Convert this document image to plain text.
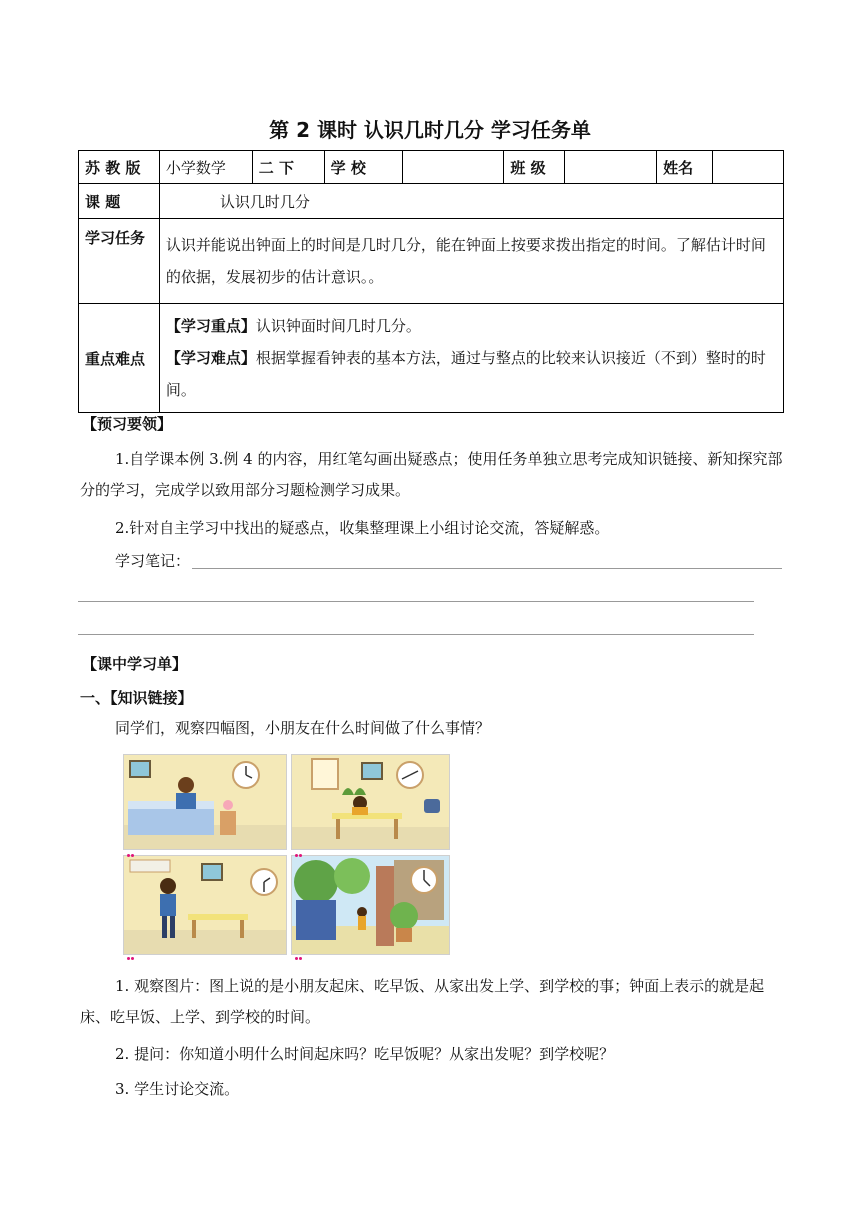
第 2 课时 认识几时几分 学习任务单
苏 教 版	小学数学	二 下	学 校		班 级		姓名	
课 题	认识几时几分							
学习任务	认识并能说出钟面上的时间是几时几分，能在钟面上按要求拨出指定的时间。了解估计时间的依据，发展初步的估计意识。。							
重点难点	【学习重点】认识钟面时间几时几分。
【学习难点】根据掌握看钟表的基本方法，通过与整点的比较来认识接近（不到）整时的时间。							
【预习要领】
1.自学课本例 3.例 4 的内容，用红笔勾画出疑惑点；使用任务单独立思考完成知识链接、新知探究部分的学习，完成学以致用部分习题检测学习成果。
2.针对自主学习中找出的疑惑点，收集整理课上小组讨论交流，答疑解惑。
学习笔记：
【课中学习单】
一、【知识链接】
同学们，观察四幅图，小朋友在什么时间做了什么事情？
1. 观察图片：图上说的是小朋友起床、吃早饭、从家出发上学、到学校的事；钟面上表示的就是起床、吃早饭、上学、到学校的时间。
2. 提问：你知道小明什么时间起床吗？吃早饭呢？从家出发呢？到学校呢？
3. 学生讨论交流。
